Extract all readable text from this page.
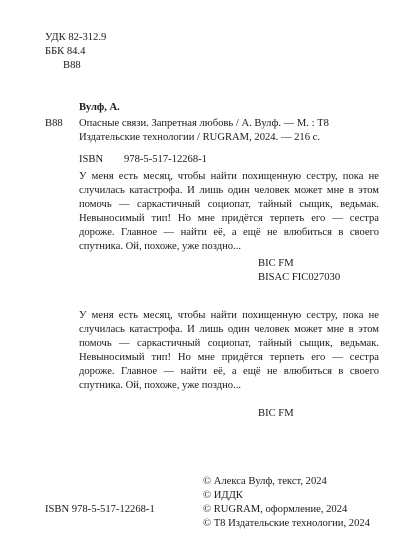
УДК 82-312.9
ББК 84.4
В88
Вулф, А.
В88 Опасные связи. Запретная любовь / А. Вулф. — М. : Т8
Издательские технологии / RUGRAM, 2024. — 216 с.
ISBN 978-5-517-12268-1

У меня есть месяц, чтобы найти похищенную сестру, пока не случилась катастрофа. И лишь один человек может мне в этом помочь — саркастичный социопат, тайный сыщик, ведьмак. Невыносимый тип! Но мне придётся терпеть его — сестра дороже. Главное — найти её, а ещё не влюбиться в своего спутника. Ой, похоже, уже поздно...

BIC FM
BISAC FIC027030

У меня есть месяц, чтобы найти похищенную сестру, пока не случилась катастрофа. И лишь один человек может мне в этом помочь — саркастичный социопат, тайный сыщик, ведьмак. Невыносимый тип! Но мне придётся терпеть его — сестра дороже. Главное — найти её, а ещё не влюбиться в своего спутника. Ой, похоже, уже поздно...

BIC FM
© Алекса Вулф, текст, 2024
© ИДДК
© RUGRAM, оформление, 2024
© Т8 Издательские технологии, 2024
ISBN 978-5-517-12268-1
